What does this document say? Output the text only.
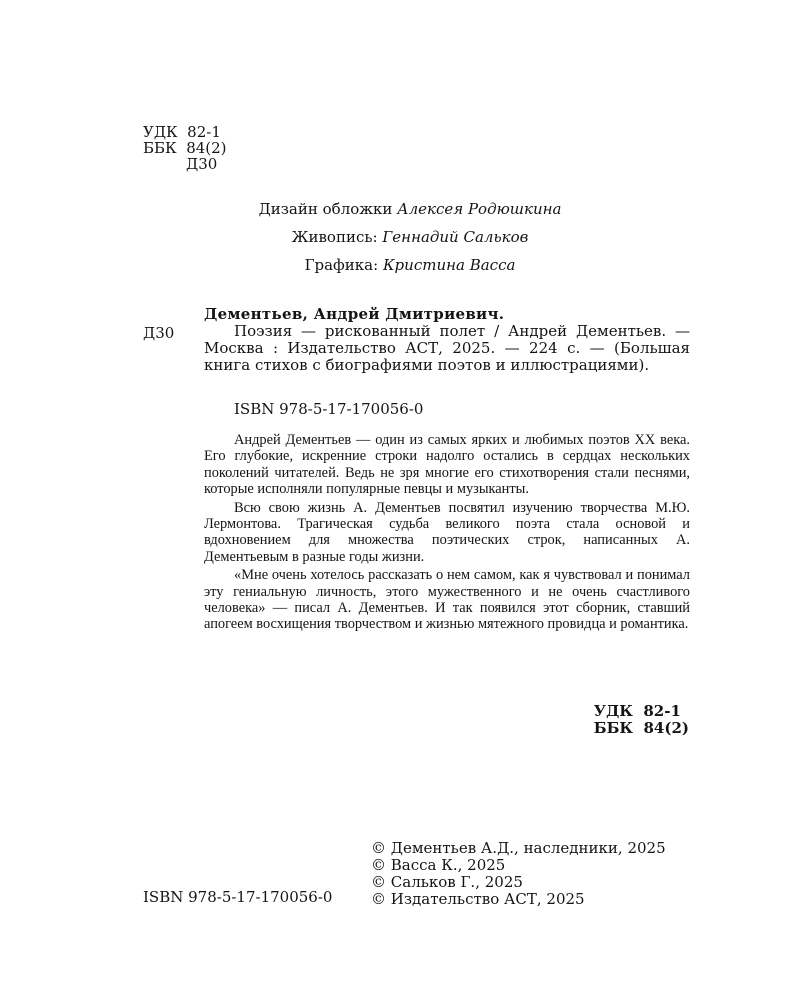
УДК  82-1
ББК  84(2)
Д30
Дизайн обложки Алексея Родюшкина
Живопись: Геннадий Сальков
Графика: Кристина Васса
Д30
Дементьев, Андрей Дмитриевич.
Поэзия — рискованный полет / Андрей Дементьев. — Москва : Издательство АСТ, 2025. — 224 с. — (Большая книга стихов с биографиями поэтов и иллюстрациями).
ISBN 978-5-17-170056-0

Андрей Дементьев — один из самых ярких и любимых поэтов XX века. Его глубокие, искренние строки надолго остались в сердцах нескольких поколений читателей. Ведь не зря многие его стихотворения стали песнями, которые исполняли популярные певцы и музыканты.

Всю свою жизнь А. Дементьев посвятил изучению творчества М.Ю. Лермонтова. Трагическая судьба великого поэта стала основой и вдохновением для множества поэтических строк, написанных А. Дементьевым в разные годы жизни.

«Мне очень хотелось рассказать о нем самом, как я чувствовал и понимал эту гениальную личность, этого мужественного и не очень счастливого человека» — писал А. Дементьев. И так появился этот сборник, ставший апогеем восхищения творчеством и жизнью мятежного провидца и романтика.

УДК  82-1
ББК  84(2)
ISBN 978-5-17-170056-0
© Дементьев А.Д., наследники, 2025
© Васса К., 2025
© Сальков Г., 2025
© Издательство АСТ, 2025
